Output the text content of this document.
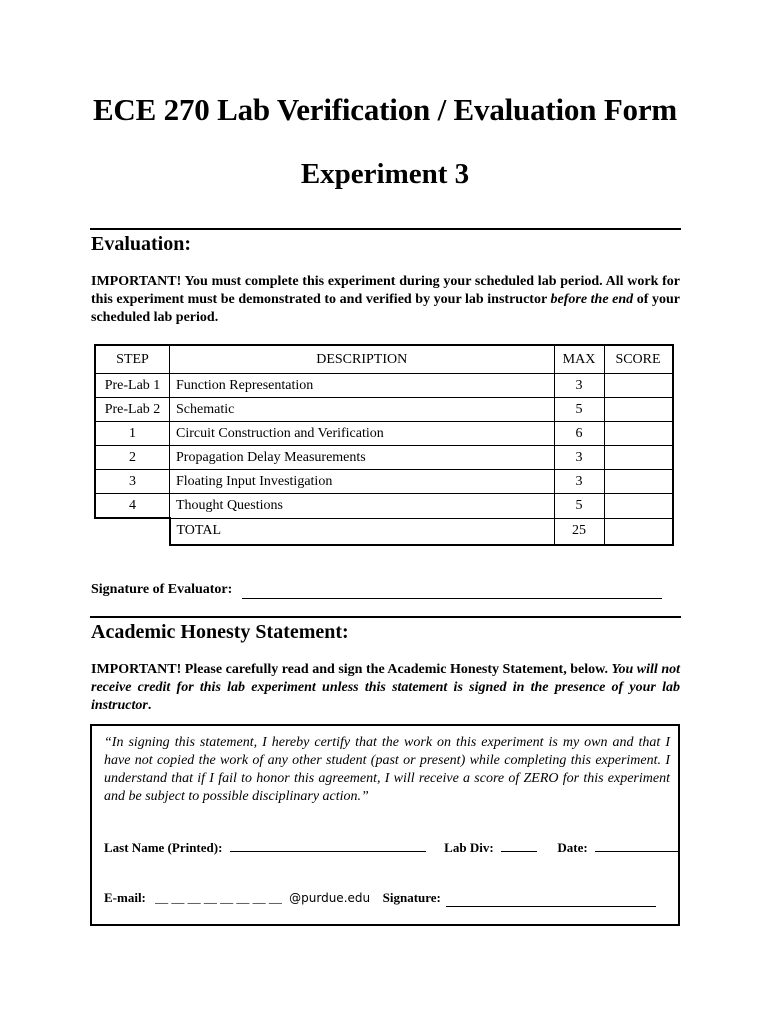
ECE 270 Lab Verification / Evaluation Form
Experiment 3
Evaluation:

IMPORTANT! You must complete this experiment during your scheduled lab period. All work for this experiment must be demonstrated to and verified by your lab instructor before the end of your scheduled lab period.

STEP	DESCRIPTION	MAX	SCORE
Pre-Lab 1	Function Representation	3	
Pre-Lab 2	Schematic	5	
1	Circuit Construction and Verification	6	
2	Propagation Delay Measurements	3	
3	Floating Input Investigation	3	
4	Thought Questions	5	
	TOTAL	25	
Signature of Evaluator:
Academic Honesty Statement:

IMPORTANT! Please carefully read and sign the Academic Honesty Statement, below. You will not receive credit for this lab experiment unless this statement is signed in the presence of your lab instructor.

“In signing this statement, I hereby certify that the work on this experiment is my own and that I have not copied the work of any other student (past or present) while completing this experiment. I understand that if I fail to honor this agreement, I will receive a score of ZERO for this experiment and be subject to possible disciplinary action.”

Last Name (Printed):	Lab Div:	Date:
E-mail: __ __ __ __ __ __ __ __ @purdue.edu Signature:
